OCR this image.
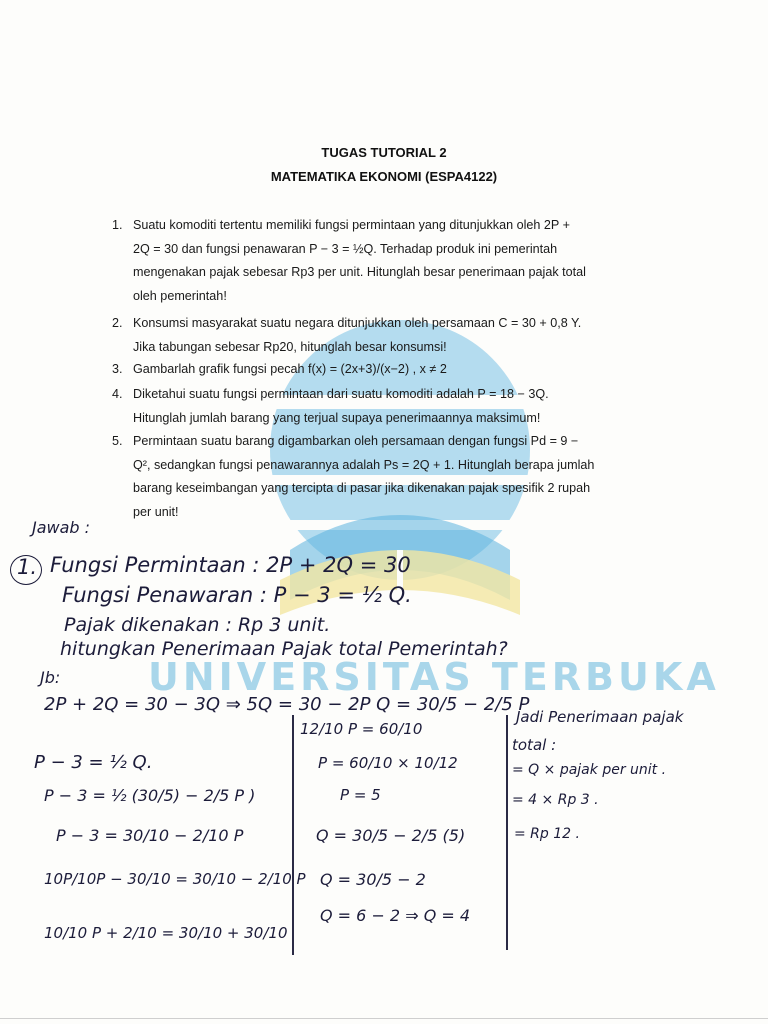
UNIVERSITAS TERBUKA
TUGAS TUTORIAL 2
MATEMATIKA EKONOMI (ESPA4122)
1. Suatu komoditi tertentu memiliki fungsi permintaan yang ditunjukkan oleh 2P +
2Q = 30 dan fungsi penawaran P − 3 = ½Q. Terhadap produk ini pemerintah
mengenakan pajak sebesar Rp3 per unit. Hitunglah besar penerimaan pajak total
oleh pemerintah!
2. Konsumsi masyarakat suatu negara ditunjukkan oleh persamaan C = 30 + 0,8 Y.
Jika tabungan sebesar Rp20, hitunglah besar konsumsi!
3. Gambarlah grafik fungsi pecah f(x) = (2x+3)/(x−2) , x ≠ 2
4. Diketahui suatu fungsi permintaan dari suatu komoditi adalah P = 18 − 3Q.
Hitunglah jumlah barang yang terjual supaya penerimaannya maksimum!
5. Permintaan suatu barang digambarkan oleh persamaan dengan fungsi Pd = 9 −
Q², sedangkan fungsi penawarannya adalah Ps = 2Q + 1. Hitunglah berapa jumlah
barang keseimbangan yang tercipta di pasar jika dikenakan pajak spesifik 2 rupah
per unit!
Jawab :
1. Fungsi Permintaan : 2P + 2Q = 30
Fungsi Penawaran : P − 3 = ½ Q.
Pajak dikenakan : Rp 3 unit.
hitungkan Penerimaan Pajak total Pemerintah?
Jb:
2P + 2Q = 30 − 3Q ⇒ 5Q = 30 − 2P Q = 30/5 − 2/5 P
P − 3 = ½ Q.
P − 3 = ½ (30/5) − 2/5 P )
P − 3 = 30/10 − 2/10 P
10P/10P − 30/10 = 30/10 − 2/10 P
10/10 P + 2/10 = 30/10 + 30/10
12/10 P = 60/10
P = 60/10 × 10/12
P = 5
Q = 30/5 − 2/5 (5)
Q = 30/5 − 2
Q = 6 − 2 ⇒ Q = 4
Jadi Penerimaan pajak
total :
= Q × pajak per unit .
= 4 × Rp 3 .
= Rp 12 .
